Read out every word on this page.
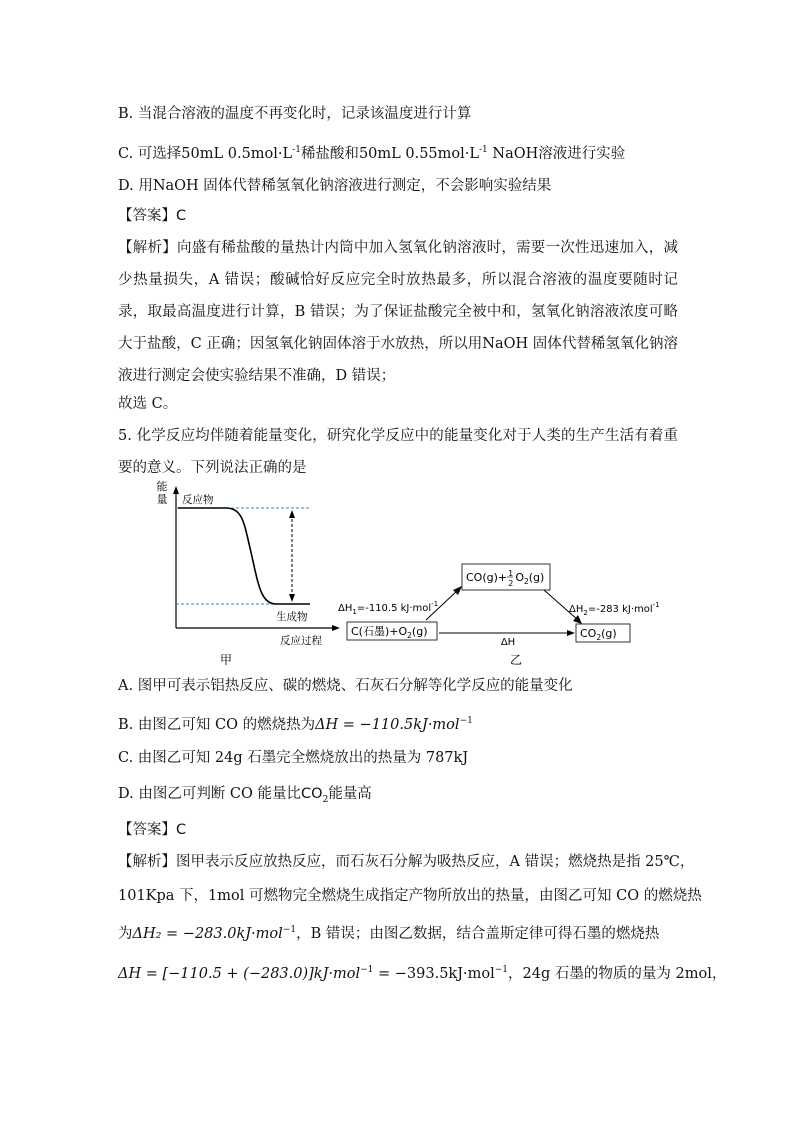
B. 当混合溶液的温度不再变化时，记录该温度进行计算
C. 可选择50mL $0.5mol\cdot L^{-1}$稀盐酸和50mL $0.55mol\cdot L^{-1}$ NaOH溶液进行实验
D. 用NaOH 固体代替稀氢氧化钠溶液进行测定，不会影响实验结果
【答案】C
【解析】向盛有稀盐酸的量热计内筒中加入氢氧化钠溶液时，需要一次性迅速加入，减少热量损失，A 错误；酸碱恰好反应完全时放热最多，所以混合溶液的温度要随时记录，取最高温度进行计算，B 错误；为了保证盐酸完全被中和，氢氧化钠溶液浓度可略大于盐酸，C 正确；因氢氧化钠固体溶于水放热，所以用NaOH 固体代替稀氢氧化钠溶液进行测定会使实验结果不准确，D 错误；
故选 C。
5. 化学反应均伴随着能量变化，研究化学反应中的能量变化对于人类的生产生活有着重要的意义。下列说法正确的是
能
量 反应物
生成物
反应过程
甲
CO(g)+$^1$ 2 $O_2(g)$
C(石墨)$+O_2(g)$	$CO_2(g)$
$\Delta H_1=-110.5$ kJ·mol$^{-1}$	$\Delta H_2=-283$ kJ·mol$^{-1}$
ΔH
乙
A. 图甲可表示铝热反应、碳的燃烧、石灰石分解等化学反应的能量变化
B. 由图乙可知 CO 的燃烧热为ΔH = −110.5kJ·mol$^{-1}$
C. 由图乙可知 24g 石墨完全燃烧放出的热量为 787kJ
D. 由图乙可判断 CO 能量比$CO_2$能量高
【答案】C
【解析】图甲表示反应放热反应，而石灰石分解为吸热反应，A 错误；燃烧热是指 25℃，
101Kpa 下，1mol 可燃物完全燃烧生成指定产物所放出的热量，由图乙可知 CO 的燃烧热
为ΔH₂ = −283.0kJ·mol$^{-1}$，B 错误；由图乙数据，结合盖斯定律可得石墨的燃烧热
ΔH = [−110.5 + (−283.0)]kJ·mol$^{-1}$ = −393.5kJ·mol$^{-1}$，24g 石墨的物质的量为 2mol，
